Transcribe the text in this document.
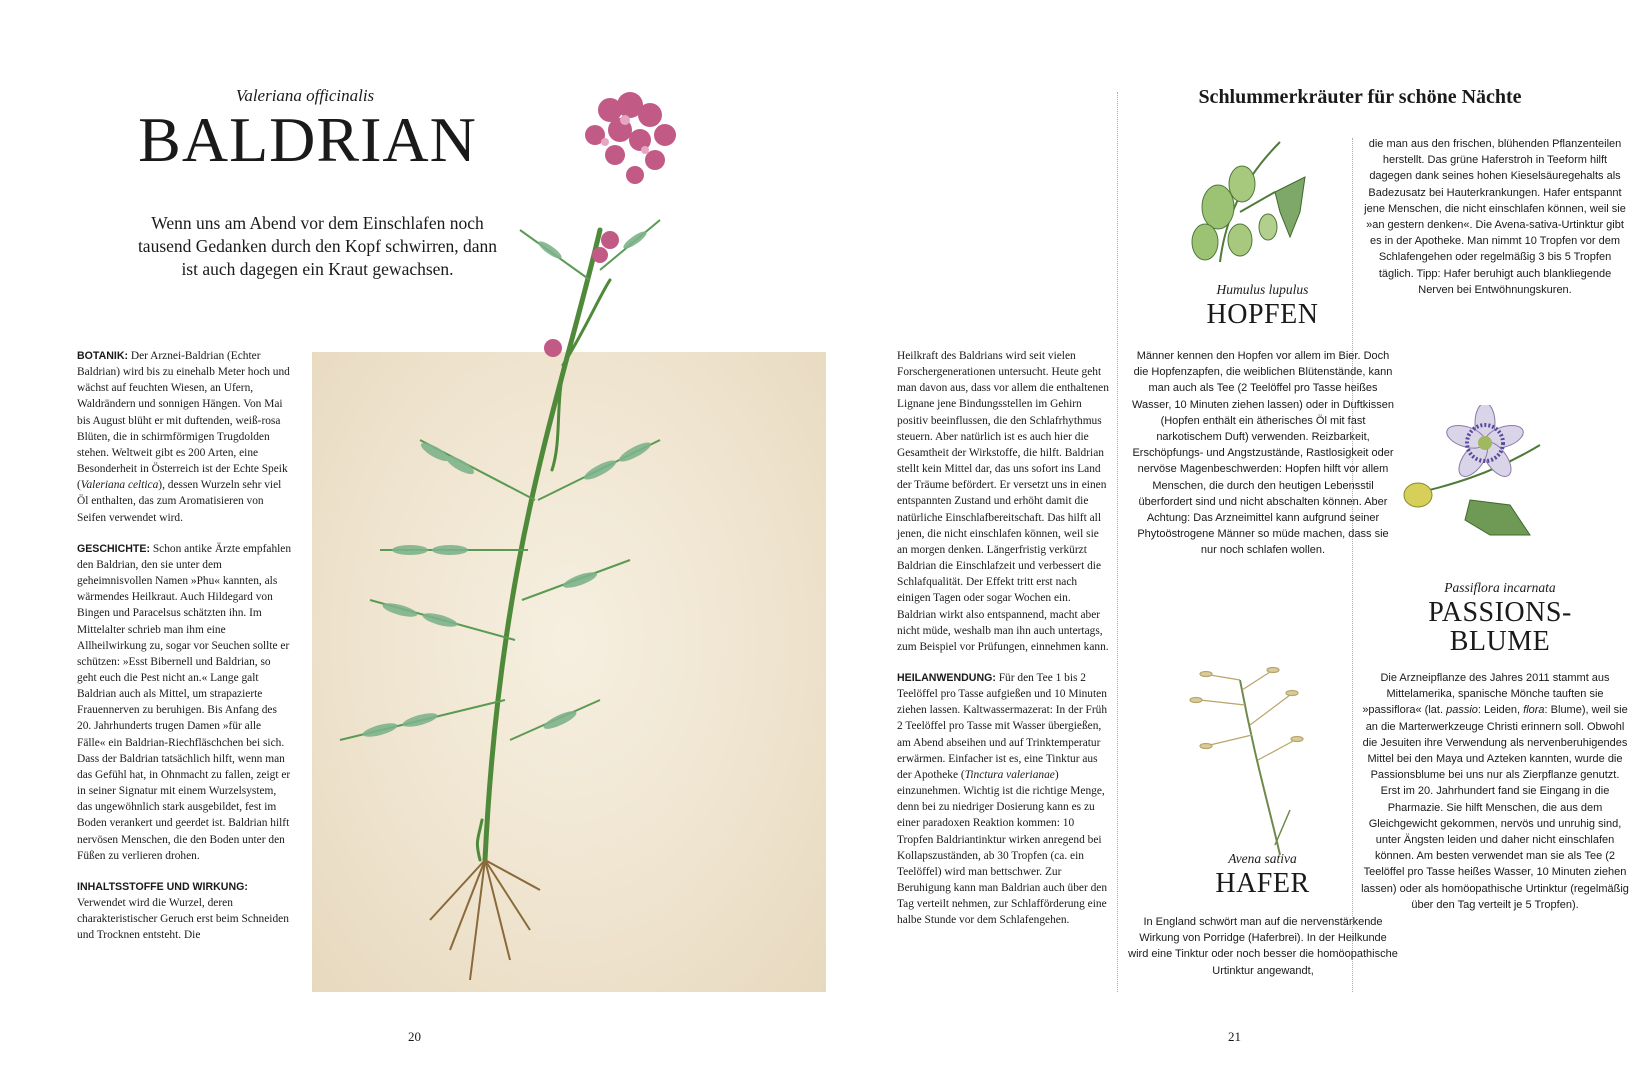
Valeriana officinalis
BALDRIAN
Wenn uns am Abend vor dem Einschlafen noch tausend Gedanken durch den Kopf schwirren, dann ist auch dagegen ein Kraut gewachsen.

BOTANIK: Der Arznei-Baldrian (Echter Baldrian) wird bis zu einehalb Meter hoch und wächst auf feuchten Wiesen, an Ufern, Waldrändern und sonnigen Hängen. Von Mai bis August blüht er mit duftenden, weiß-rosa Blüten, die in schirmförmigen Trugdolden stehen. Weltweit gibt es 200 Arten, eine Besonderheit in Österreich ist der Echte Speik (Valeriana celtica), dessen Wurzeln sehr viel Öl enthalten, das zum Aromatisieren von Seifen verwendet wird.

GESCHICHTE: Schon antike Ärzte empfahlen den Baldrian, den sie unter dem geheimnisvollen Namen »Phu« kannten, als wärmendes Heilkraut. Auch Hildegard von Bingen und Paracelsus schätzten ihn. Im Mittelalter schrieb man ihm eine Allheilwirkung zu, sogar vor Seuchen sollte er schützen: »Esst Bibernell und Baldrian, so geht euch die Pest nicht an.« Lange galt Baldrian auch als Mittel, um strapazierte Frauennerven zu beruhigen. Bis Anfang des 20. Jahrhunderts trugen Damen »für alle Fälle« ein Baldrian-Riechfläschchen bei sich. Dass der Baldrian tatsächlich hilft, wenn man das Gefühl hat, in Ohnmacht zu fallen, zeigt er in seiner Signatur mit einem Wurzelsystem, das ungewöhnlich stark ausgebildet, fest im Boden verankert und geerdet ist. Baldrian hilft nervösen Menschen, die den Boden unter den Füßen zu verlieren drohen.

INHALTSSTOFFE UND WIRKUNG:
Verwendet wird die Wurzel, deren charakteristischer Geruch erst beim Schneiden und Trocknen entsteht. Die

Heilkraft des Baldrians wird seit vielen Forschergenerationen untersucht. Heute geht man davon aus, dass vor allem die enthaltenen Lignane jene Bindungsstellen im Gehirn positiv beeinflussen, die den Schlafrhythmus steuern. Aber natürlich ist es auch hier die Gesamtheit der Wirkstoffe, die hilft. Baldrian stellt kein Mittel dar, das uns sofort ins Land der Träume befördert. Er versetzt uns in einen entspannten Zustand und erhöht damit die natürliche Einschlafbereitschaft. Das hilft all jenen, die nicht einschlafen können, weil sie an morgen denken. Längerfristig verkürzt Baldrian die Einschlafzeit und verbessert die Schlafqualität. Der Effekt tritt erst nach einigen Tagen oder sogar Wochen ein. Baldrian wirkt also entspannend, macht aber nicht müde, weshalb man ihn auch untertags, zum Beispiel vor Prüfungen, einnehmen kann.

HEILANWENDUNG: Für den Tee 1 bis 2 Teelöffel pro Tasse aufgießen und 10 Minuten ziehen lassen. Kaltwassermazerat: In der Früh 2 Teelöffel pro Tasse mit Wasser übergießen, am Abend abseihen und auf Trinktemperatur erwärmen. Einfacher ist es, eine Tinktur aus der Apotheke (Tinctura valerianae) einzunehmen. Wichtig ist die richtige Menge, denn bei zu niedriger Dosierung kann es zu einer paradoxen Reaktion kommen: 10 Tropfen Baldriantinktur wirken anregend bei Kollapszuständen, ab 30 Tropfen (ca. ein Teelöffel) wird man bettschwer. Zur Beruhigung kann man Baldrian auch über den Tag verteilt nehmen, zur Schlafförderung eine halbe Stunde vor dem Schlafengehen.

20
Schlummerkräuter für schöne Nächte
Humulus lupulus
HOPFEN
Männer kennen den Hopfen vor allem im Bier. Doch die Hopfenzapfen, die weiblichen Blütenstände, kann man auch als Tee (2 Teelöffel pro Tasse heißes Wasser, 10 Minuten ziehen lassen) oder in Duftkissen (Hopfen enthält ein ätherisches Öl mit fast narkotischem Duft) verwenden. Reizbarkeit, Erschöpfungs- und Angstzustände, Rastlosigkeit oder nervöse Magenbeschwerden: Hopfen hilft vor allem Menschen, die durch den heutigen Lebensstil überfordert sind und nicht abschalten können. Aber Achtung: Das Arzneimittel kann aufgrund seiner Phytoöstrogene Männer so müde machen, dass sie nur noch schlafen wollen.
Avena sativa
HAFER
In England schwört man auf die nervenstärkende Wirkung von Porridge (Haferbrei). In der Heilkunde wird eine Tinktur oder noch besser die homöopathische Urtinktur angewandt,
die man aus den frischen, blühenden Pflanzenteilen herstellt. Das grüne Haferstroh in Teeform hilft dagegen dank seines hohen Kieselsäuregehalts als Badezusatz bei Hauterkrankungen. Hafer entspannt jene Menschen, die nicht einschlafen können, weil sie »an gestern denken«. Die Avena-sativa-Urtinktur gibt es in der Apotheke. Man nimmt 10 Tropfen vor dem Schlafengehen oder regelmäßig 3 bis 5 Tropfen täglich. Tipp: Hafer beruhigt auch blankliegende Nerven bei Entwöhnungskuren.
Passiflora incarnata
PASSIONS-
BLUME
Die Arzneipflanze des Jahres 2011 stammt aus Mittelamerika, spanische Mönche tauften sie »passiflora« (lat. passio: Leiden, flora: Blume), weil sie an die Marterwerkzeuge Christi erinnern soll. Obwohl die Jesuiten ihre Verwendung als nervenberuhigendes Mittel bei den Maya und Azteken kannten, wurde die Passionsblume bei uns nur als Zierpflanze genutzt. Erst im 20. Jahrhundert fand sie Eingang in die Pharmazie. Sie hilft Menschen, die aus dem Gleichgewicht gekommen, nervös und unruhig sind, unter Ängsten leiden und daher nicht einschlafen können. Am besten verwendet man sie als Tee (2 Teelöffel pro Tasse heißes Wasser, 10 Minuten ziehen lassen) oder als homöopathische Urtinktur (regelmäßig über den Tag verteilt je 5 Tropfen).
21
